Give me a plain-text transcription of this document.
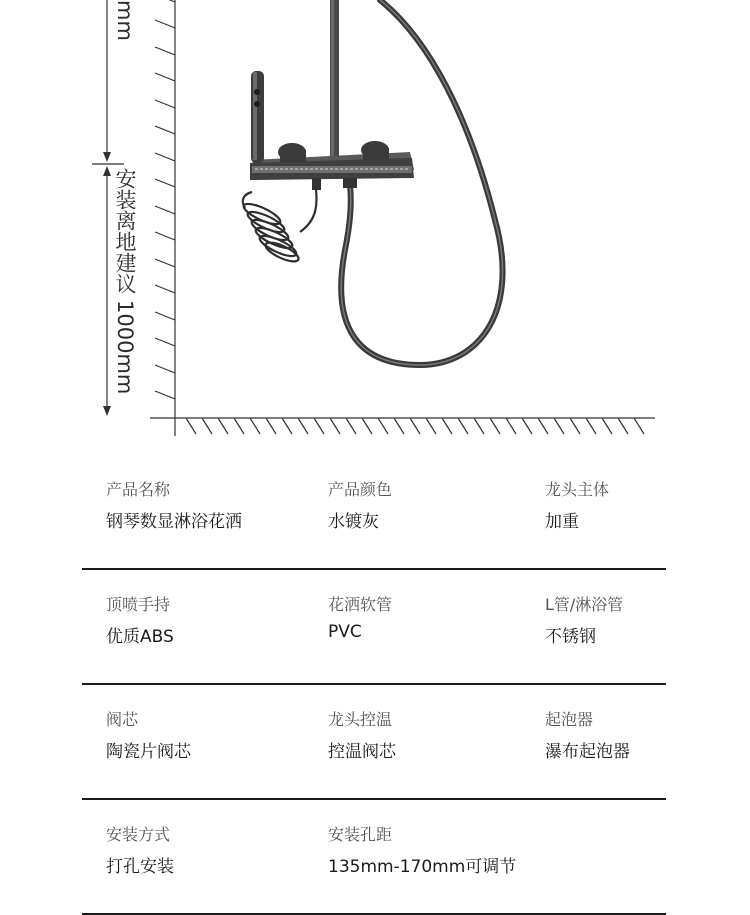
mm
安装离地建议
1000mm
产品名称
钢琴数显淋浴花洒
产品颜色
水镀灰
龙头主体
加重
顶喷手持
优质ABS
花洒软管
PVC
L管/淋浴管
不锈钢
阀芯
陶瓷片阀芯
龙头控温
控温阀芯
起泡器
瀑布起泡器
安装方式
打孔安装
安装孔距
135mm-170mm可调节
